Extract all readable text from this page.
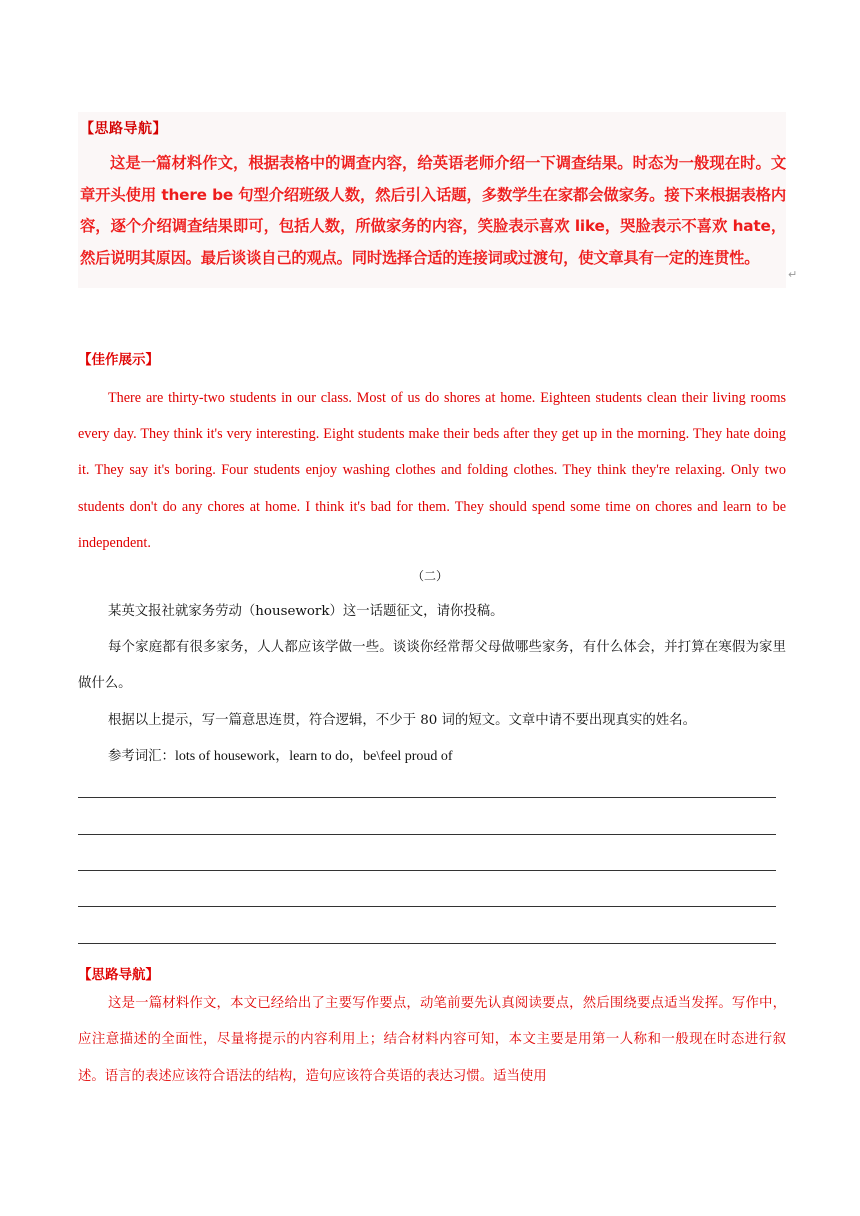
【思路导航】
这是一篇材料作文，根据表格中的调查内容，给英语老师介绍一下调查结果。时态为一般现在时。文章开头使用 there be 句型介绍班级人数，然后引入话题，多数学生在家都会做家务。接下来根据表格内容，逐个介绍调查结果即可，包括人数，所做家务的内容，笑脸表示喜欢 like，哭脸表示不喜欢 hate，然后说明其原因。最后谈谈自己的观点。同时选择合适的连接词或过渡句，使文章具有一定的连贯性。
↵
【佳作展示】
There are thirty-two students in our class. Most of us do shores at home. Eighteen students clean their living rooms every day. They think it's very interesting. Eight students make their beds after they get up in the morning. They hate doing it. They say it's boring. Four students enjoy washing clothes and folding clothes. They think they're relaxing. Only two students don't do any chores at home. I think it's bad for them. They should spend some time on chores and learn to be independent.
（二）
某英文报社就家务劳动（housework）这一话题征文，请你投稿。
每个家庭都有很多家务，人人都应该学做一些。谈谈你经常帮父母做哪些家务，有什么体会，并打算在寒假为家里做什么。
根据以上提示，写一篇意思连贯，符合逻辑，不少于 80 词的短文。文章中请不要出现真实的姓名。
参考词汇：lots of housework，learn to do，be\feel proud of
【思路导航】
这是一篇材料作文，本文已经给出了主要写作要点，动笔前要先认真阅读要点，然后围绕要点适当发挥。写作中，应注意描述的全面性，尽量将提示的内容利用上；结合材料内容可知，本文主要是用第一人称和一般现在时态进行叙述。语言的表述应该符合语法的结构，造句应该符合英语的表达习惯。适当使用
